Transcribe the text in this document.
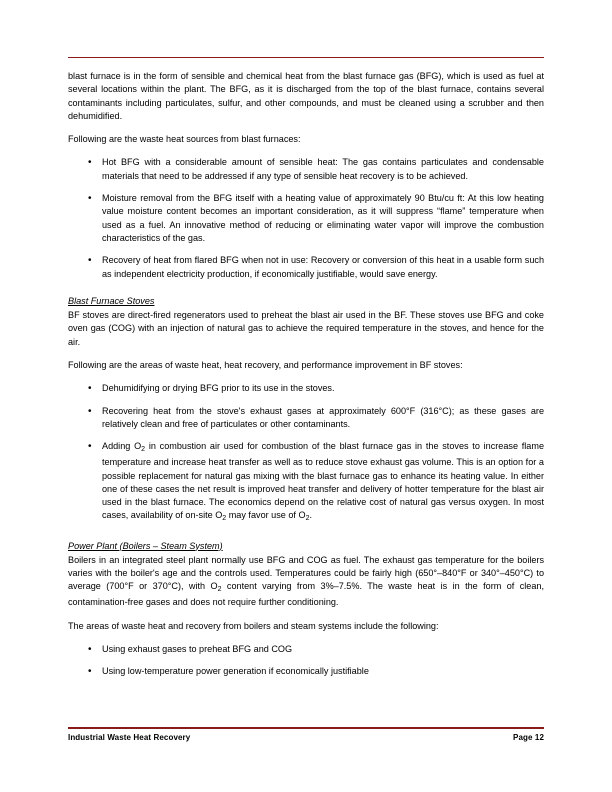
blast furnace is in the form of sensible and chemical heat from the blast furnace gas (BFG), which is used as fuel at several locations within the plant. The BFG, as it is discharged from the top of the blast furnace, contains several contaminants including particulates, sulfur, and other compounds, and must be cleaned using a scrubber and then dehumidified.

Following are the waste heat sources from blast furnaces:

• Hot BFG with a considerable amount of sensible heat: The gas contains particulates and condensable materials that need to be addressed if any type of sensible heat recovery is to be achieved.
• Moisture removal from the BFG itself with a heating value of approximately 90 Btu/cu ft: At this low heating value moisture content becomes an important consideration, as it will suppress “flame” temperature when used as a fuel. An innovative method of reducing or eliminating water vapor will improve the combustion characteristics of the gas.
• Recovery of heat from flared BFG when not in use: Recovery or conversion of this heat in a usable form such as independent electricity production, if economically justifiable, would save energy.
Blast Furnace Stoves

BF stoves are direct-fired regenerators used to preheat the blast air used in the BF. These stoves use BFG and coke oven gas (COG) with an injection of natural gas to achieve the required temperature in the stoves, and hence for the air.

Following are the areas of waste heat, heat recovery, and performance improvement in BF stoves:

• Dehumidifying or drying BFG prior to its use in the stoves.
• Recovering heat from the stove's exhaust gases at approximately 600°F (316°C); as these gases are relatively clean and free of particulates or other contaminants.
• Adding $O_2$ in combustion air used for combustion of the blast furnace gas in the stoves to increase flame temperature and increase heat transfer as well as to reduce stove exhaust gas volume. This is an option for a possible replacement for natural gas mixing with the blast furnace gas to enhance its heating value. In either one of these cases the net result is improved heat transfer and delivery of hotter temperature for the blast air used in the blast furnace. The economics depend on the relative cost of natural gas versus oxygen. In most cases, availability of on-site $O_2$ may favor use of $O_2$.
Power Plant (Boilers – Steam System)

Boilers in an integrated steel plant normally use BFG and COG as fuel. The exhaust gas temperature for the boilers varies with the boiler's age and the controls used. Temperatures could be fairly high (650°–840°F or 340°–450°C) to average (700°F or 370°C), with $O_2$ content varying from 3%–7.5%. The waste heat is in the form of clean, contamination-free gases and does not require further conditioning.

The areas of waste heat and recovery from boilers and steam systems include the following:

• Using exhaust gases to preheat BFG and COG
• Using low-temperature power generation if economically justifiable
Industrial Waste Heat Recovery	Page 12
